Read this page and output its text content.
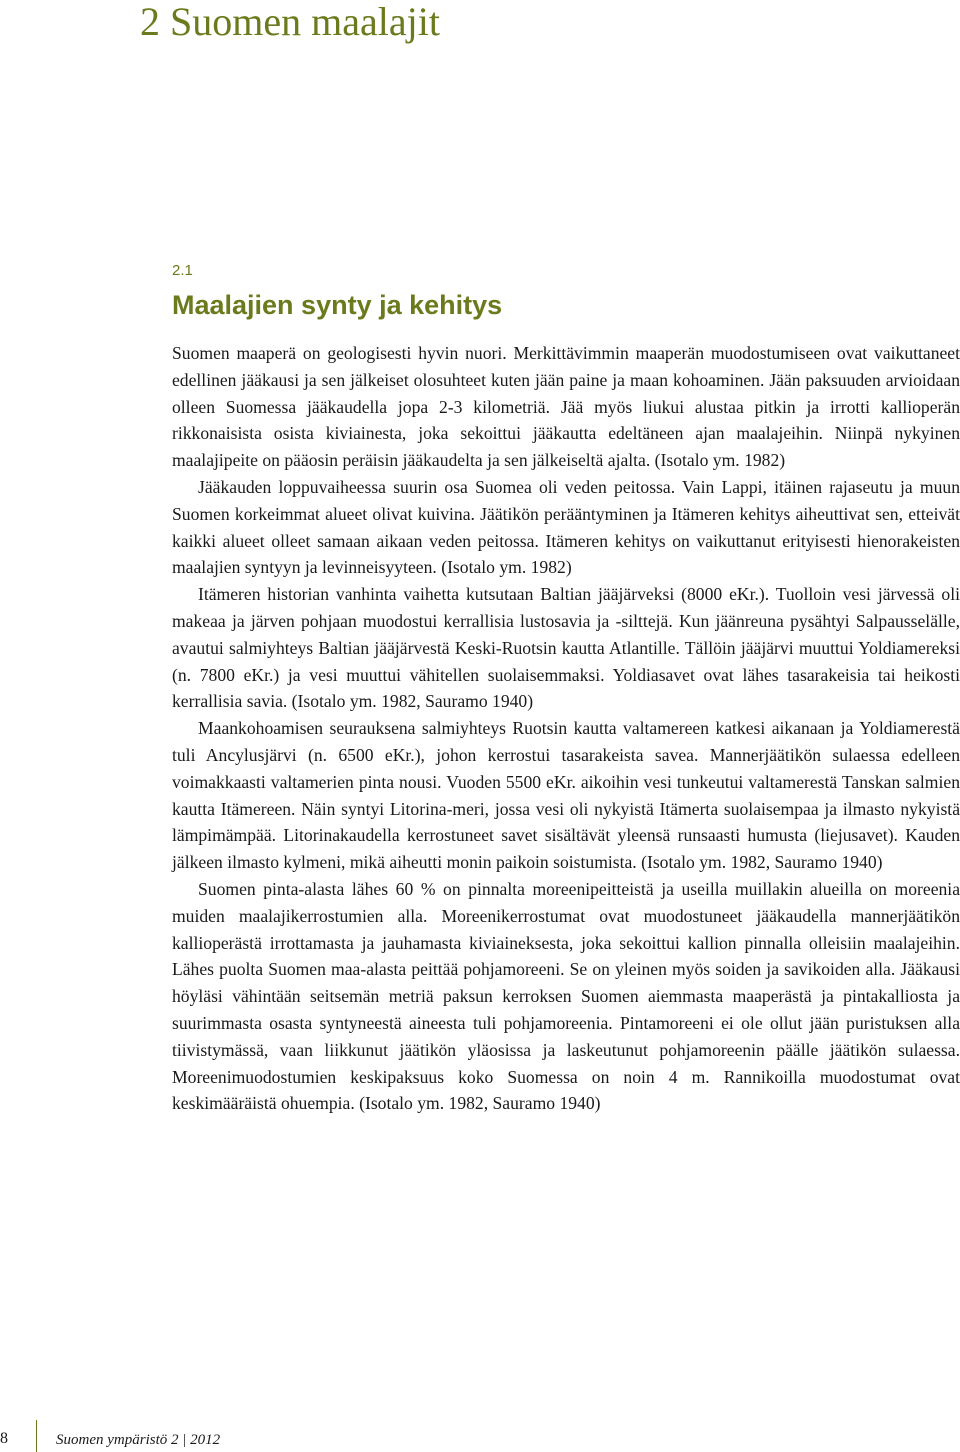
2 Suomen maalajit
2.1
Maalajien synty ja kehitys

Suomen maaperä on geologisesti hyvin nuori. Merkittävimmin maaperän muodostumiseen ovat vaikuttaneet edellinen jääkausi ja sen jälkeiset olosuhteet kuten jään paine ja maan kohoaminen. Jään paksuuden arvioidaan olleen Suomessa jääkaudella jopa 2-3 kilometriä. Jää myös liukui alustaa pitkin ja irrotti kallioperän rikkonaisista osista kiviainesta, joka sekoittui jääkautta edeltäneen ajan maalajeihin. Niinpä nykyinen maalajipeite on pääosin peräisin jääkaudelta ja sen jälkeiseltä ajalta. (Isotalo ym. 1982)

Jääkauden loppuvaiheessa suurin osa Suomea oli veden peitossa. Vain Lappi, itäinen rajaseutu ja muun Suomen korkeimmat alueet olivat kuivina. Jäätikön perääntyminen ja Itämeren kehitys aiheuttivat sen, etteivät kaikki alueet olleet samaan aikaan veden peitossa. Itämeren kehitys on vaikuttanut erityisesti hienorakeisten maalajien syntyyn ja levinneisyyteen. (Isotalo ym. 1982)

Itämeren historian vanhinta vaihetta kutsutaan Baltian jääjärveksi (8000 eKr.). Tuolloin vesi järvessä oli makeaa ja järven pohjaan muodostui kerrallisia lustosavia ja -silttejä. Kun jäänreuna pysähtyi Salpausselälle, avautui salmiyhteys Baltian jääjärvestä Keski-Ruotsin kautta Atlantille. Tällöin jääjärvi muuttui Yoldiamereksi (n. 7800 eKr.) ja vesi muuttui vähitellen suolaisemmaksi. Yoldiasavet ovat lähes tasarakeisia tai heikosti kerrallisia savia. (Isotalo ym. 1982, Sauramo 1940)

Maankohoamisen seurauksena salmiyhteys Ruotsin kautta valtamereen katkesi aikanaan ja Yoldiamerestä tuli Ancylusjärvi (n. 6500 eKr.), johon kerrostui tasarakeista savea. Mannerjäätikön sulaessa edelleen voimakkaasti valtamerien pinta nousi. Vuoden 5500 eKr. aikoihin vesi tunkeutui valtamerestä Tanskan salmien kautta Itämereen. Näin syntyi Litorina-meri, jossa vesi oli nykyistä Itämerta suolaisempaa ja ilmasto nykyistä lämpimämpää. Litorinakaudella kerrostuneet savet sisältävät yleensä runsaasti humusta (liejusavet). Kauden jälkeen ilmasto kylmeni, mikä aiheutti monin paikoin soistumista. (Isotalo ym. 1982, Sauramo 1940)

Suomen pinta-alasta lähes 60 % on pinnalta moreenipeitteistä ja useilla muillakin alueilla on moreenia muiden maalajikerrostumien alla. Moreenikerrostumat ovat muodostuneet jääkaudella mannerjäätikön kallioperästä irrottamasta ja jauhamasta kiviaineksesta, joka sekoittui kallion pinnalla olleisiin maalajeihin. Lähes puolta Suomen maa-alasta peittää pohjamoreeni. Se on yleinen myös soiden ja savikoiden alla. Jääkausi höyläsi vähintään seitsemän metriä paksun kerroksen Suomen aiemmasta maaperästä ja pintakalliosta ja suurimmasta osasta syntyneestä aineesta tuli pohjamoreenia. Pintamoreeni ei ole ollut jään puristuksen alla tiivistymässä, vaan liikkunut jäätikön yläosissa ja laskeutunut pohjamoreenin päälle jäätikön sulaessa. Moreenimuodostumien keskipaksuus koko Suomessa on noin 4 m. Rannikoilla muodostumat ovat keskimääräistä ohuempia. (Isotalo ym. 1982, Sauramo 1940)

8	Suomen ympäristö 2 | 2012
